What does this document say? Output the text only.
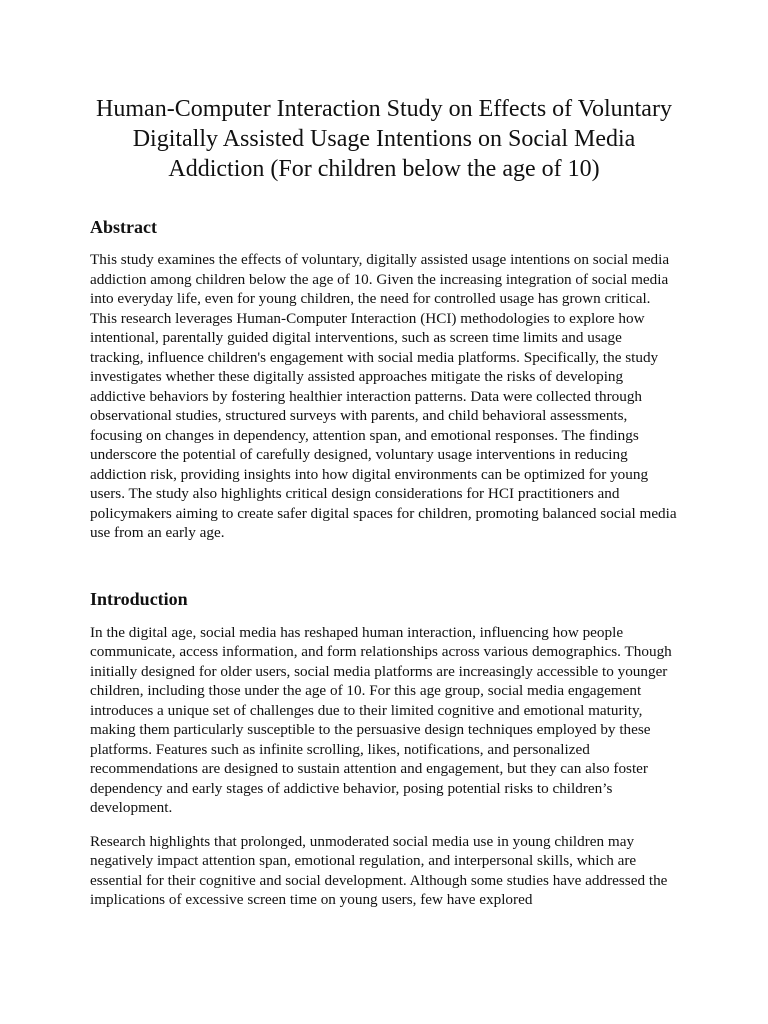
Human-Computer Interaction Study on Effects of Voluntary Digitally Assisted Usage Intentions on Social Media Addiction (For children below the age of 10)
Abstract

This study examines the effects of voluntary, digitally assisted usage intentions on social media addiction among children below the age of 10. Given the increasing integration of social media into everyday life, even for young children, the need for controlled usage has grown critical. This research leverages Human-Computer Interaction (HCI) methodologies to explore how intentional, parentally guided digital interventions, such as screen time limits and usage tracking, influence children's engagement with social media platforms. Specifically, the study investigates whether these digitally assisted approaches mitigate the risks of developing addictive behaviors by fostering healthier interaction patterns. Data were collected through observational studies, structured surveys with parents, and child behavioral assessments, focusing on changes in dependency, attention span, and emotional responses. The findings underscore the potential of carefully designed, voluntary usage interventions in reducing addiction risk, providing insights into how digital environments can be optimized for young users. The study also highlights critical design considerations for HCI practitioners and policymakers aiming to create safer digital spaces for children, promoting balanced social media use from an early age.

Introduction

In the digital age, social media has reshaped human interaction, influencing how people communicate, access information, and form relationships across various demographics. Though initially designed for older users, social media platforms are increasingly accessible to younger children, including those under the age of 10. For this age group, social media engagement introduces a unique set of challenges due to their limited cognitive and emotional maturity, making them particularly susceptible to the persuasive design techniques employed by these platforms. Features such as infinite scrolling, likes, notifications, and personalized recommendations are designed to sustain attention and engagement, but they can also foster dependency and early stages of addictive behavior, posing potential risks to children’s development.

Research highlights that prolonged, unmoderated social media use in young children may negatively impact attention span, emotional regulation, and interpersonal skills, which are essential for their cognitive and social development. Although some studies have addressed the implications of excessive screen time on young users, few have explored
